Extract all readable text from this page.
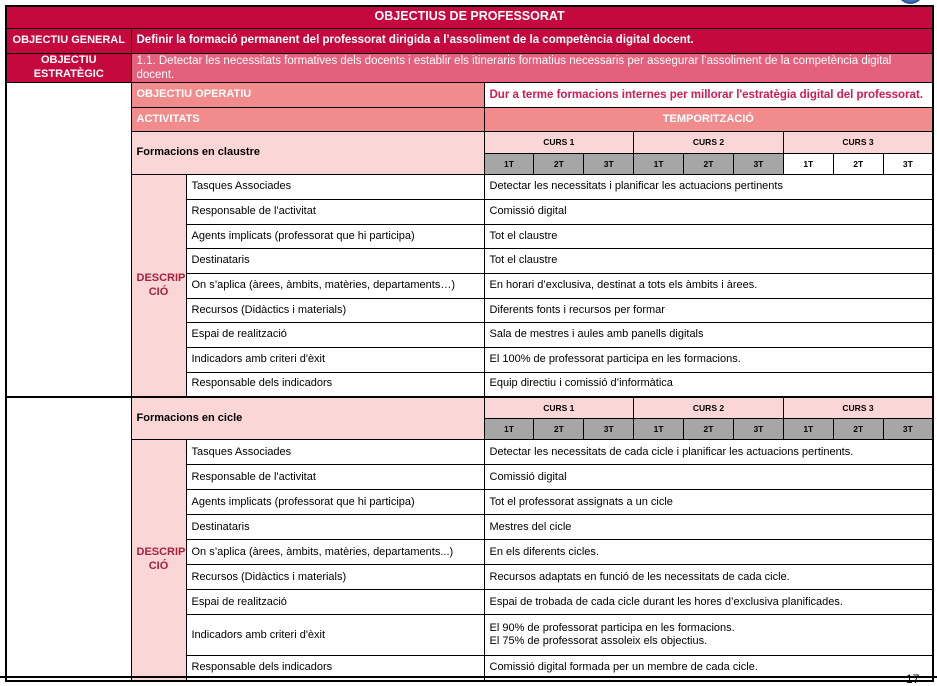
OBJECTIUS DE PROFESSORAT											
OBJECTIU GENERAL	Definir la formació permanent del professorat dirigida a l’assoliment de la competència digital docent.										
OBJECTIU ESTRATÈGIC	1.1. Detectar les necessitats formatives dels docents i establir els itineraris formatius necessaris per assegurar l’assoliment de la competència digital docent.										
	OBJECTIU OPERATIU		Dur a terme formacions internes per millorar l'estratègia digital del professorat.								
	ACTIVITATS		TEMPORITZACIÓ								
	Formacions en claustre		CURS 1			CURS 2			CURS 3		
			1T	2T	3T	1T	2T	3T	1T	2T	3T

	DESCRIP
CIÓ	Tasques Associades	Detectar les necessitats i planificar les actuacions pertinents								
		Responsable de l'activitat	Comissió digital								
		Agents implicats (professorat que hi participa)	Tot el claustre								
		Destinataris	Tot el claustre								
		On s’aplica (àrees, àmbits, matèries, departaments…)	En horari d’exclusiva, destinat a tots els àmbits i àrees.								
		Recursos (Didàctics i materials)	Diferents fonts i recursos per formar								
		Espai de realització	Sala de mestres i aules amb panells digitals								
		Indicadors amb criteri d'èxit	El 100% de professorat participa en les formacions.								
		Responsable dels indicadors	Equip directiu i comissió d’informàtica								
	Formacions en cicle		CURS 1			CURS 2			CURS 3		
			1T	2T	3T	1T	2T	3T	1T	2T	3T

	DESCRIP
CIÓ	Tasques Associades	Detectar les necessitats de cada cicle i planificar les actuacions pertinents.								
		Responsable de l'activitat	Comissió digital								
		Agents implicats (professorat que hi participa)	Tot el professorat assignats a un cicle								
		Destinataris	Mestres del cicle								
		On s’aplica (àrees, àmbits, matèries, departaments...)	En els diferents cicles.								
		Recursos (Didàctics i materials)	Recursos adaptats en funció de les necessitats de cada cicle.								
		Espai de realització	Espai de trobada de cada cicle durant les hores d’exclusiva planificades.								
		Indicadors amb criteri d'èxit	El 90% de professorat participa en les formacions.
El 75% de professorat assoleix els objectius.								

		Responsable dels indicadors	Comissió digital formada per un membre de cada cicle.								
17
